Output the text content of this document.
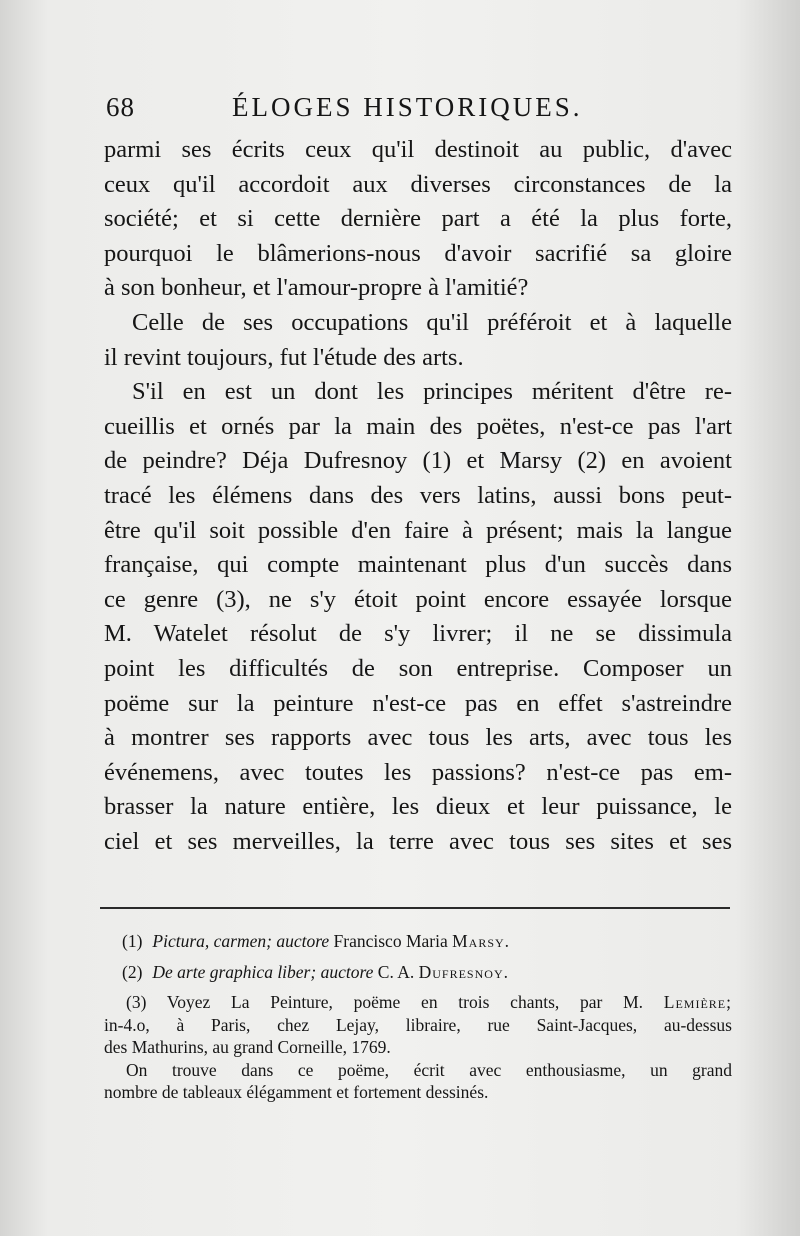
68	ÉLOGES HISTORIQUES.
parmi ses écrits ceux qu'il destinoit au public, d'avec
ceux qu'il accordoit aux diverses circonstances de la
société; et si cette dernière part a été la plus forte,
pourquoi le blâmerions-nous d'avoir sacrifié sa gloire
à son bonheur, et l'amour-propre à l'amitié?
Celle de ses occupations qu'il préféroit et à laquelle
il revint toujours, fut l'étude des arts.
S'il en est un dont les principes méritent d'être re-
cueillis et ornés par la main des poëtes, n'est-ce pas l'art
de peindre? Déja Dufresnoy (1) et Marsy (2) en avoient
tracé les élémens dans des vers latins, aussi bons peut-
être qu'il soit possible d'en faire à présent; mais la langue
française, qui compte maintenant plus d'un succès dans
ce genre (3), ne s'y étoit point encore essayée lorsque
M. Watelet résolut de s'y livrer; il ne se dissimula
point les difficultés de son entreprise. Composer un
poëme sur la peinture n'est-ce pas en effet s'astreindre
à montrer ses rapports avec tous les arts, avec tous les
événemens, avec toutes les passions? n'est-ce pas em-
brasser la nature entière, les dieux et leur puissance, le
ciel et ses merveilles, la terre avec tous ses sites et ses
(1) Pictura, carmen; auctore Francisco Maria Marsy.
(2) De arte graphica liber; auctore C. A. Dufresnoy.
(3) Voyez La Peinture, poëme en trois chants, par M. Lemière;
in-4.o, à Paris, chez Lejay, libraire, rue Saint-Jacques, au-dessus
des Mathurins, au grand Corneille, 1769.
On trouve dans ce poëme, écrit avec enthousiasme, un grand
nombre de tableaux élégamment et fortement dessinés.
